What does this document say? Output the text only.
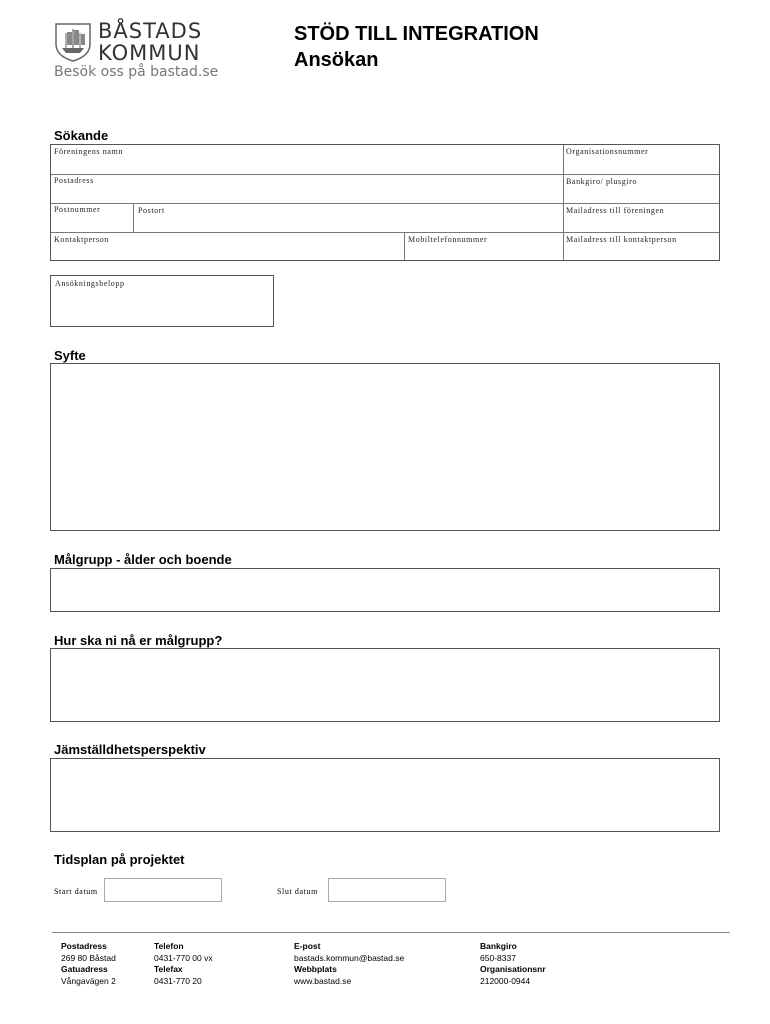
BÅSTADS
KOMMUN
Besök oss på bastad.se
STÖD TILL INTEGRATION
Ansökan
Sökande
Föreningens namn	Organisationsnummer
Postadress	Bankgiro/ plusgiro
Postnummer	Postort	Mailadress till föreningen
Kontaktperson	Mobiltelefonnummer	Mailadress till kontaktperson
Ansökningsbelopp
Syfte
Målgrupp - ålder och boende
Hur ska ni nå er målgrupp?
Jämställdhetsperspektiv
Tidsplan på projektet
Start datum	Slut datum
Postadress
269 80 Båstad
Gatuadress
Vångavägen 2
Telefon
0431-770 00 vx
Telefax
0431-770 20
E-post
bastads.kommun@bastad.se
Webbplats
www.bastad.se
Bankgiro
650-8337
Organisationsnr
212000-0944
